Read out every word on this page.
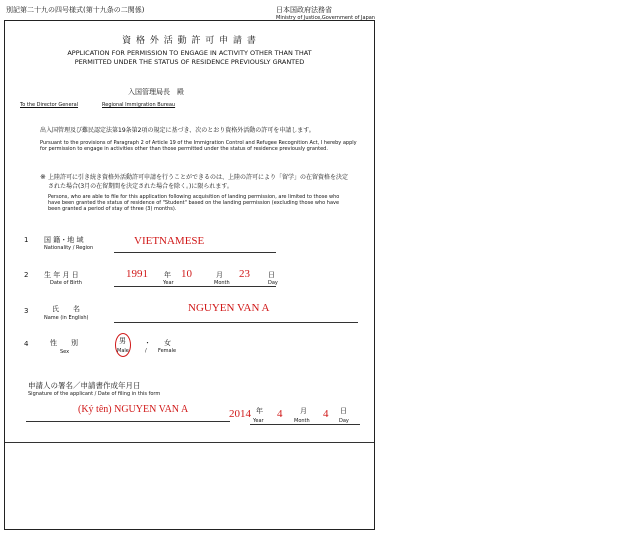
別記第二十九の四号様式(第十九条の二関係)	日本国政府法務省
Ministry of Justice,Government of Japan
資 格 外 活 動 許 可 申 請 書
APPLICATION FOR PERMISSION TO ENGAGE IN ACTIVITY OTHER THAN THAT
PERMITTED UNDER THE STATUS OF RESIDENCE PREVIOUSLY GRANTED
入国管理局長　殿
To the Director General	Regional Immigration Bureau
出入国管理及び難民認定法第19条第2項の規定に基づき、次のとおり資格外活動の許可を申請します。
Pursuant to the provisions of Paragraph 2 of Article 19 of the Immigration Control and Refugee Recognition Act, I hereby apply for permission to engage in activities other than those permitted under the status of residence previously granted.
※ 上陸許可に引き続き資格外活動許可申請を行うことができるのは、上陸の許可により「留学」の在留資格を決定された場合(3月の在留期間を決定された場合を除く。)に限られます。
Persons, who are able to file for this application following acquisition of landing permission, are limited to those who have been granted the status of residence of "Student" based on the landing permission (excluding those who have been granted a period of stay of three (3) months).
1 国 籍・地 域
Nationality / Region
VIETNAMESE
2 生 年 月 日
Date of Birth
1991 年
Year
10	月
Month
23	日
Day
3	氏　　名
Name (in English)
NGUYEN VAN A
4	性　　別
Sex
男	・ 女
Male	/ Female
申請人の署名／申請書作成年月日
Signature of the applicant / Date of filing in this form
(Ký tên) NGUYEN VAN A	2014 年
Year
4	月
Month
4 日
Day
